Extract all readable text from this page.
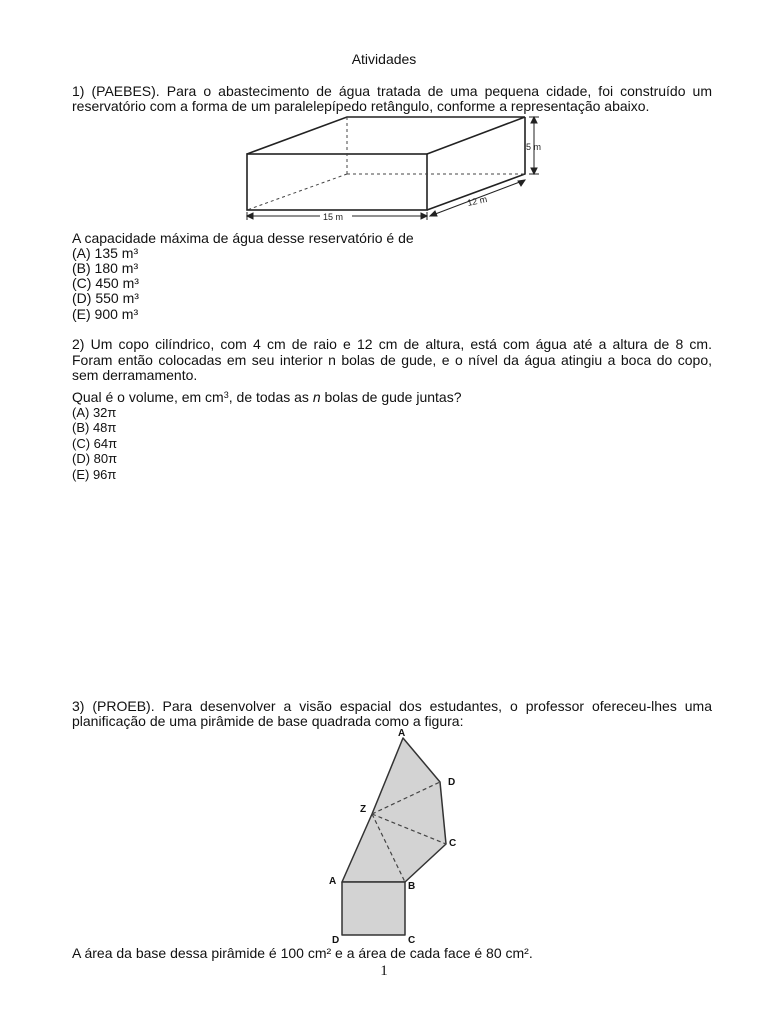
Atividades
1) (PAEBES). Para o abastecimento de água tratada de uma pequena cidade, foi construído um
reservatório com a forma de um paralelepípedo retângulo, conforme a representação abaixo.
5 m
15 m
12 m
A capacidade máxima de água desse reservatório é de
(A) 135 m³
(B) 180 m³
(C) 450 m³
(D) 550 m³
(E) 900 m³
2) Um copo cilíndrico, com 4 cm de raio e 12 cm de altura, está com água até a altura de 8 cm.
Foram então colocadas em seu interior n bolas de gude, e o nível da água atingiu a boca do copo,
sem derramamento.
Qual é o volume, em $cm^3$, de todas as n bolas de gude juntas?
(A) 32π
(B) 48π
(C) 64π
(D) 80π
(E) 96π
3) (PROEB). Para desenvolver a visão espacial dos estudantes, o professor ofereceu-lhes uma
planificação de uma pirâmide de base quadrada como a figura:
A
D
Z
C
A	B
D	C
A área da base dessa pirâmide é 100 cm² e a área de cada face é 80 cm².
1
